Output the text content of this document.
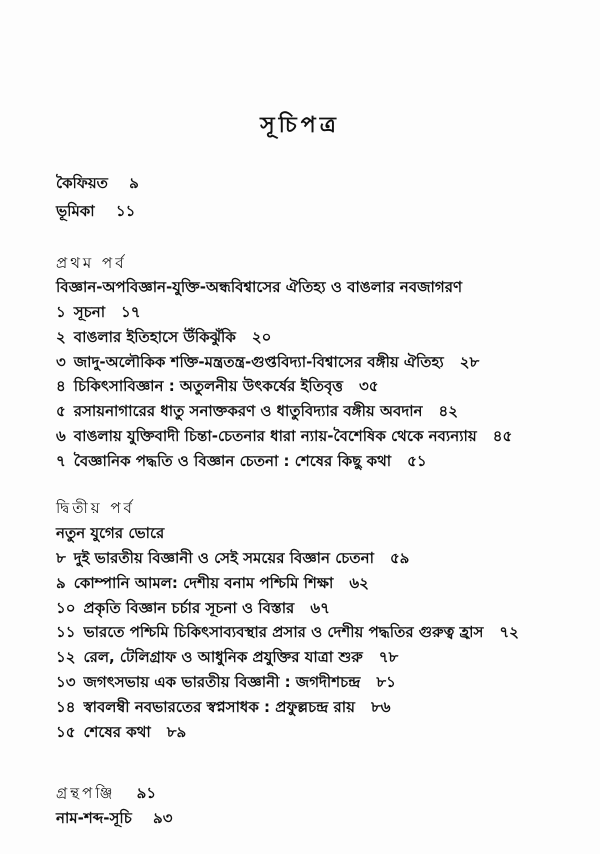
সূচিপত্র
কৈফিয়ত ৯
ভূমিকা ১১
প্রথম পর্ব
বিজ্ঞান-অপবিজ্ঞান-যুক্তি-অন্ধবিশ্বাসের ঐতিহ্য ও বাঙলার নবজাগরণ
১ সূচনা ১৭
২ বাঙলার ইতিহাসে উঁকিঝুঁকি ২০
৩ জাদু-অলৌকিক শক্তি-মন্ত্রতন্ত্র-গুপ্তবিদ্যা-বিশ্বাসের বঙ্গীয় ঐতিহ্য ২৮
৪ চিকিৎসাবিজ্ঞান : অতুলনীয় উৎকর্ষের ইতিবৃত্ত ৩৫
৫ রসায়নাগারের ধাতু সনাক্তকরণ ও ধাতুবিদ্যার বঙ্গীয় অবদান ৪২
৬ বাঙলায় যুক্তিবাদী চিন্তা-চেতনার ধারা ন্যায়-বৈশেষিক থেকে নব্যন্যায় ৪৫
৭ বৈজ্ঞানিক পদ্ধতি ও বিজ্ঞান চেতনা : শেষের কিছু কথা ৫১
দ্বিতীয় পর্ব
নতুন যুগের ভোরে
৮ দুই ভারতীয় বিজ্ঞানী ও সেই সময়ের বিজ্ঞান চেতনা ৫৯
৯ কোম্পানি আমল: দেশীয় বনাম পশ্চিমি শিক্ষা ৬২
১০ প্রকৃতি বিজ্ঞান চর্চার সূচনা ও বিস্তার ৬৭
১১ ভারতে পশ্চিমি চিকিৎসাব্যবস্থার প্রসার ও দেশীয় পদ্ধতির গুরুত্ব হ্রাস ৭২
১২ রেল, টেলিগ্রাফ ও আধুনিক প্রযুক্তির যাত্রা শুরু ৭৮
১৩ জগৎসভায় এক ভারতীয় বিজ্ঞানী : জগদীশচন্দ্র ৮১
১৪ স্বাবলম্বী নবভারতের স্বপ্নসাধক : প্রফুল্লচন্দ্র রায় ৮৬
১৫ শেষের কথা ৮৯
গ্রন্থপঞ্জি ৯১
নাম-শব্দ-সূচি ৯৩
